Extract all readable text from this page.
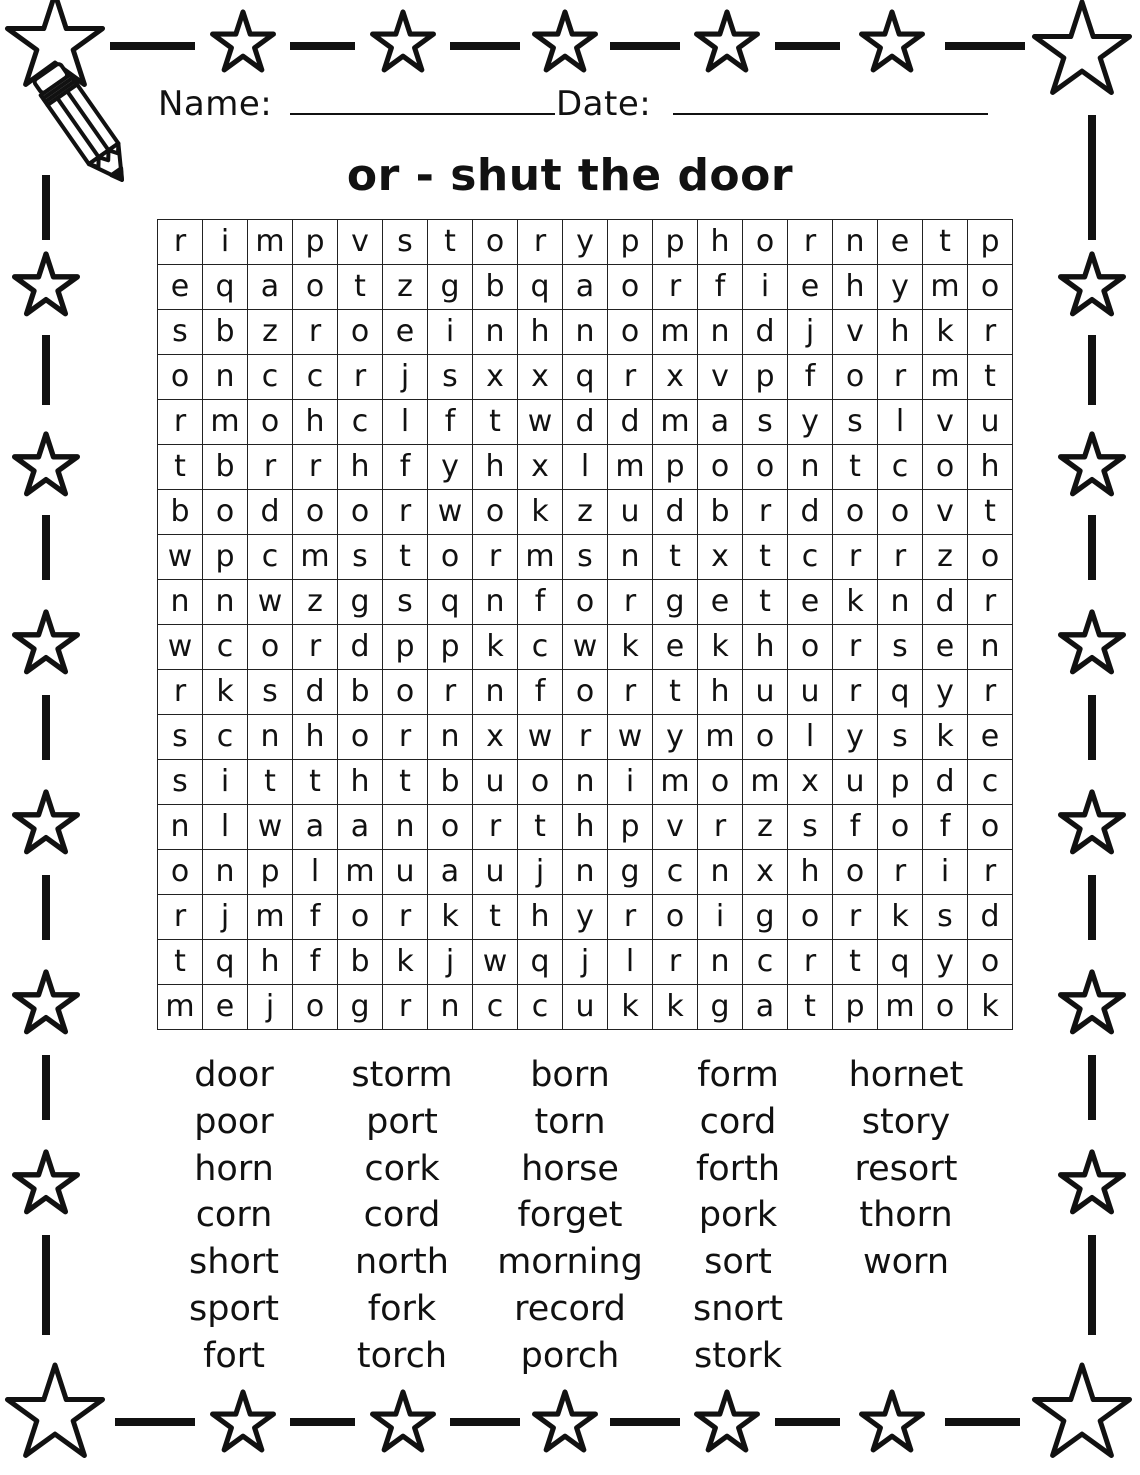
Name:	Date:
or - shut the door
r	i	m	p	v	s	t	o	r	y	p	p	h	o	r	n	e	t	p
e	q	a	o	t	z	g	b	q	a	o	r	f	i	e	h	y	m	o
s	b	z	r	o	e	i	n	h	n	o	m	n	d	j	v	h	k	r
o	n	c	c	r	j	s	x	x	q	r	x	v	p	f	o	r	m	t
r	m	o	h	c	l	f	t	w	d	d	m	a	s	y	s	l	v	u
t	b	r	r	h	f	y	h	x	l	m	p	o	o	n	t	c	o	h
b	o	d	o	o	r	w	o	k	z	u	d	b	r	d	o	o	v	t
w	p	c	m	s	t	o	r	m	s	n	t	x	t	c	r	r	z	o
n	n	w	z	g	s	q	n	f	o	r	g	e	t	e	k	n	d	r
w	c	o	r	d	p	p	k	c	w	k	e	k	h	o	r	s	e	n
r	k	s	d	b	o	r	n	f	o	r	t	h	u	u	r	q	y	r
s	c	n	h	o	r	n	x	w	r	w	y	m	o	l	y	s	k	e
s	i	t	t	h	t	b	u	o	n	i	m	o	m	x	u	p	d	c
n	l	w	a	a	n	o	r	t	h	p	v	r	z	s	f	o	f	o
o	n	p	l	m	u	a	u	j	n	g	c	n	x	h	o	r	i	r
r	j	m	f	o	r	k	t	h	y	r	o	i	g	o	r	k	s	d
t	q	h	f	b	k	j	w	q	j	l	r	n	c	r	t	q	y	o
m	e	j	o	g	r	n	c	c	u	k	k	g	a	t	p	m	o	k
door
poor
horn
corn
short
sport
fort
storm
port
cork
cord
north
fork
torch
born
torn
horse
forget
morning
record
porch
form
cord
forth
pork
sort
snort
stork
hornet
story
resort
thorn
worn
